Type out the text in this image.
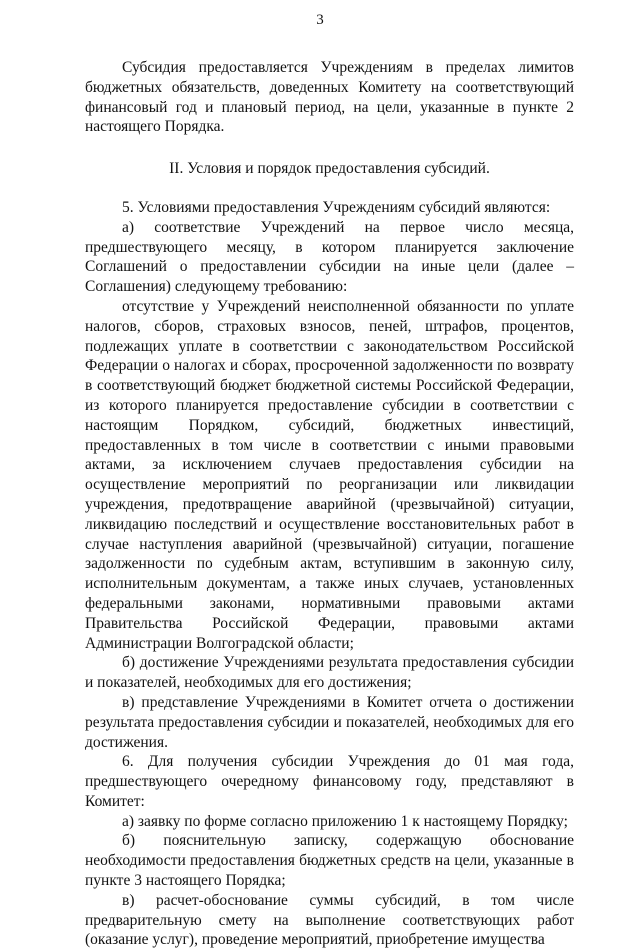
3

Субсидия предоставляется Учреждениям в пределах лимитов бюджетных обязательств, доведенных Комитету на соответствующий финансовый год и плановый период, на цели, указанные в пункте 2 настоящего Порядка.

II. Условия и порядок предоставления субсидий.

5. Условиями предоставления Учреждениям субсидий являются:

а) соответствие Учреждений на первое число месяца, предшествующего месяцу, в котором планируется заключение Соглашений о предоставлении субсидии на иные цели (далее – Соглашения) следующему требованию:

отсутствие у Учреждений неисполненной обязанности по уплате налогов, сборов, страховых взносов, пеней, штрафов, процентов, подлежащих уплате в соответствии с законодательством Российской Федерации о налогах и сборах, просроченной задолженности по возврату в соответствующий бюджет бюджетной системы Российской Федерации, из которого планируется предоставление субсидии в соответствии с настоящим Порядком, субсидий, бюджетных инвестиций, предоставленных в том числе в соответствии с иными правовыми актами, за исключением случаев предоставления субсидии на осуществление мероприятий по реорганизации или ликвидации учреждения, предотвращение аварийной (чрезвычайной) ситуации, ликвидацию последствий и осуществление восстановительных работ в случае наступления аварийной (чрезвычайной) ситуации, погашение задолженности по судебным актам, вступившим в законную силу, исполнительным документам, а также иных случаев, установленных федеральными законами, нормативными правовыми актами Правительства Российской Федерации, правовыми актами Администрации Волгоградской области;

б) достижение Учреждениями результата предоставления субсидии и показателей, необходимых для его достижения;

в) представление Учреждениями в Комитет отчета о достижении результата предоставления субсидии и показателей, необходимых для его достижения.

6. Для получения субсидии Учреждения до 01 мая года, предшествующего очередному финансовому году, представляют в Комитет:

а) заявку по форме согласно приложению 1 к настоящему Порядку;

б) пояснительную записку, содержащую обоснование необходимости предоставления бюджетных средств на цели, указанные в пункте 3 настоящего Порядка;

в) расчет-обоснование суммы субсидий, в том числе предварительную смету на выполнение соответствующих работ (оказание услуг), проведение мероприятий, приобретение имущества
